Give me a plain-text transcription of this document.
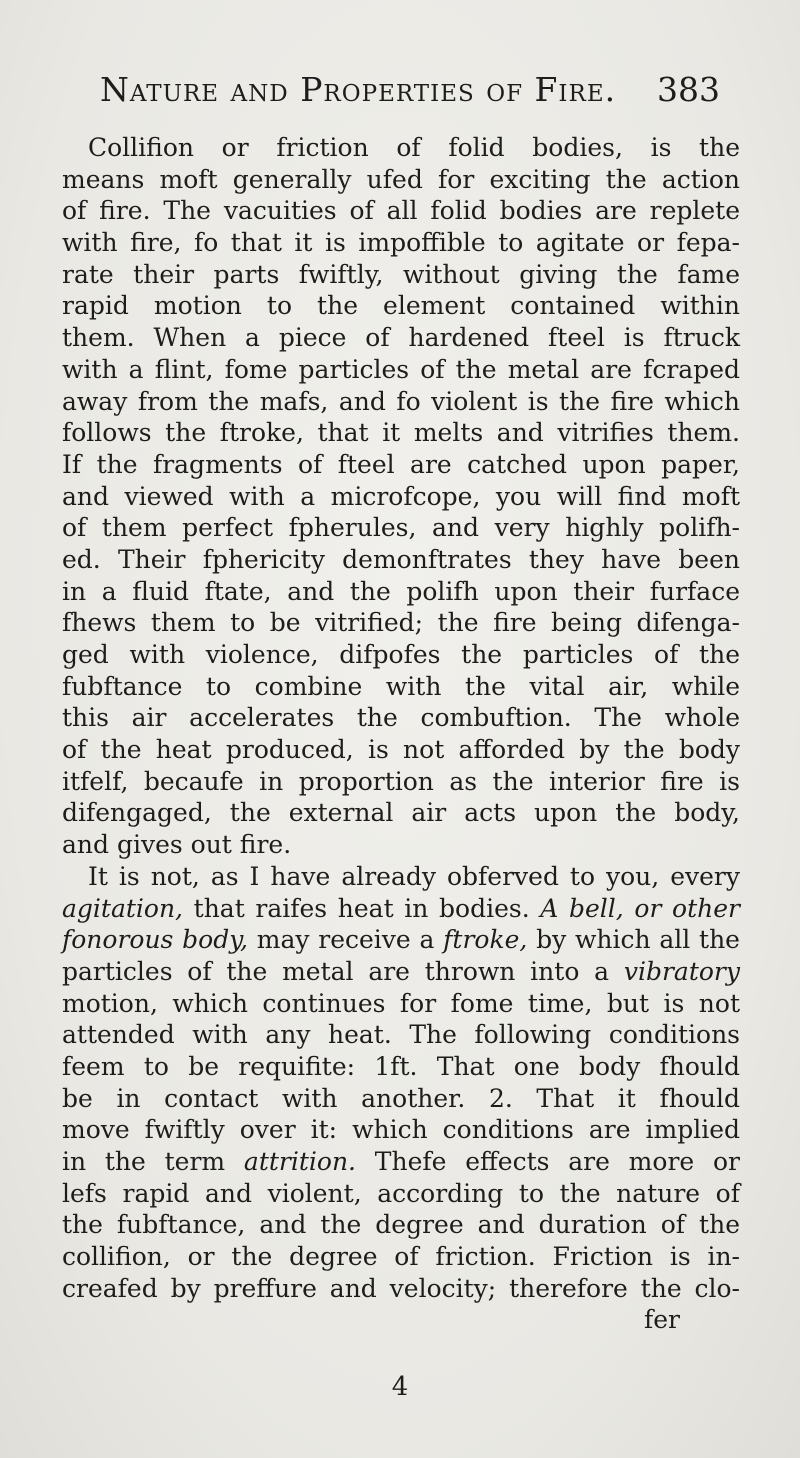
Nature and Properties of Fire. 383
Collifion or friction of folid bodies, is the
means moft generally ufed for exciting the action
of fire. The vacuities of all folid bodies are replete
with fire, fo that it is impoffible to agitate or fepa-
rate their parts fwiftly, without giving the fame
rapid motion to the element contained within
them. When a piece of hardened fteel is ftruck
with a flint, fome particles of the metal are fcraped
away from the mafs, and fo violent is the fire which
follows the ftroke, that it melts and vitrifies them.
If the fragments of fteel are catched upon paper,
and viewed with a microfcope, you will find moft
of them perfect fpherules, and very highly polifh-
ed. Their fphericity demonftrates they have been
in a fluid ftate, and the polifh upon their furface
fhews them to be vitrified; the fire being difenga-
ged with violence, difpofes the particles of the
fubftance to combine with the vital air, while
this air accelerates the combuftion. The whole
of the heat produced, is not afforded by the body
itfelf, becaufe in proportion as the interior fire is
difengaged, the external air acts upon the body,
and gives out fire.
It is not, as I have already obferved to you, every
agitation, that raifes heat in bodies. A bell, or other
fonorous body, may receive a ftroke, by which all the
particles of the metal are thrown into a vibratory
motion, which continues for fome time, but is not
attended with any heat. The following conditions
feem to be requifite: 1ft. That one body fhould
be in contact with another. 2. That it fhould
move fwiftly over it: which conditions are implied
in the term attrition. Thefe effects are more or
lefs rapid and violent, according to the nature of
the fubftance, and the degree and duration of the
collifion, or the degree of friction. Friction is in-
creafed by preffure and velocity; therefore the clo-
fer
4
